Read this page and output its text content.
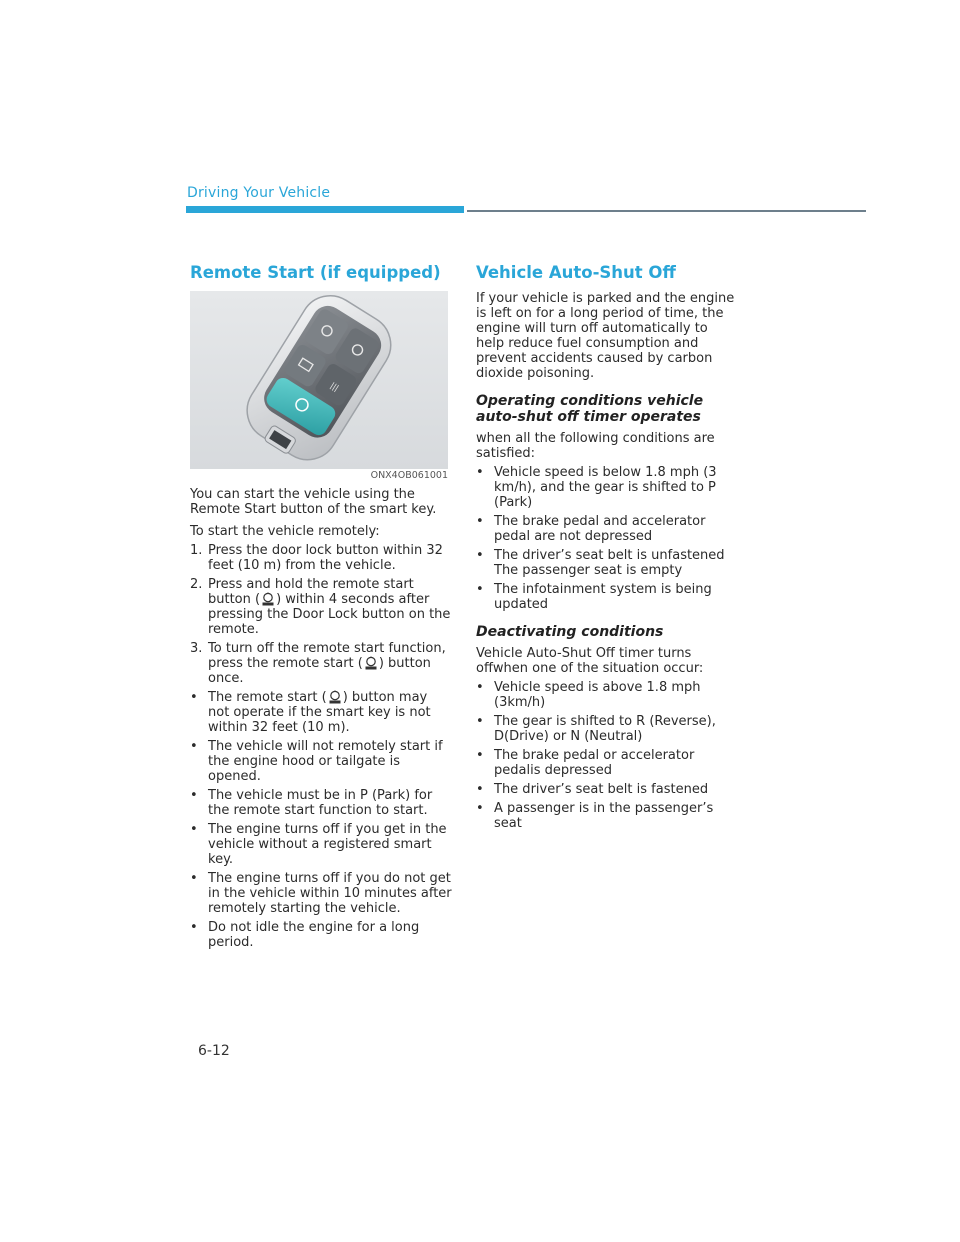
Driving Your Vehicle
Remote Start (if equipped)
|||
ONX4OB061001

You can start the vehicle using the Remote Start button of the smart key.

To start the vehicle remotely:

1. Press the door lock button within 32 feet (10 m) from the vehicle.
2. Press and hold the remote start button ( ) within 4 seconds after pressing the Door Lock button on the remote.
3. To turn off the remote start function, press the remote start ( ) button once.
• The remote start ( ) button may not operate if the smart key is not within 32 feet (10 m).
• The vehicle will not remotely start if the engine hood or tailgate is opened.
• The vehicle must be in P (Park) for the remote start function to start.
• The engine turns off if you get in the vehicle without a registered smart key.
• The engine turns off if you do not get in the vehicle within 10 minutes after remotely starting the vehicle.
• Do not idle the engine for a long period.
Vehicle Auto-Shut Off

If your vehicle is parked and the engine is left on for a long period of time, the engine will turn off automatically to help reduce fuel consumption and prevent accidents caused by carbon dioxide poisoning.

Operating conditions vehicle auto-shut off timer operates

when all the following conditions are satisfied:

• Vehicle speed is below 1.8 mph (3 km/h), and the gear is shifted to P (Park)
• The brake pedal and accelerator pedal are not depressed
• The driver’s seat belt is unfastened The passenger seat is empty
• The infotainment system is being updated
Deactivating conditions

Vehicle Auto-Shut Off timer turns offwhen one of the situation occur:

• Vehicle speed is above 1.8 mph (3km/h)
• The gear is shifted to R (Reverse), D(Drive) or N (Neutral)
• The brake pedal or accelerator pedalis depressed
• The driver’s seat belt is fastened
• A passenger is in the passenger’s seat
6-12
